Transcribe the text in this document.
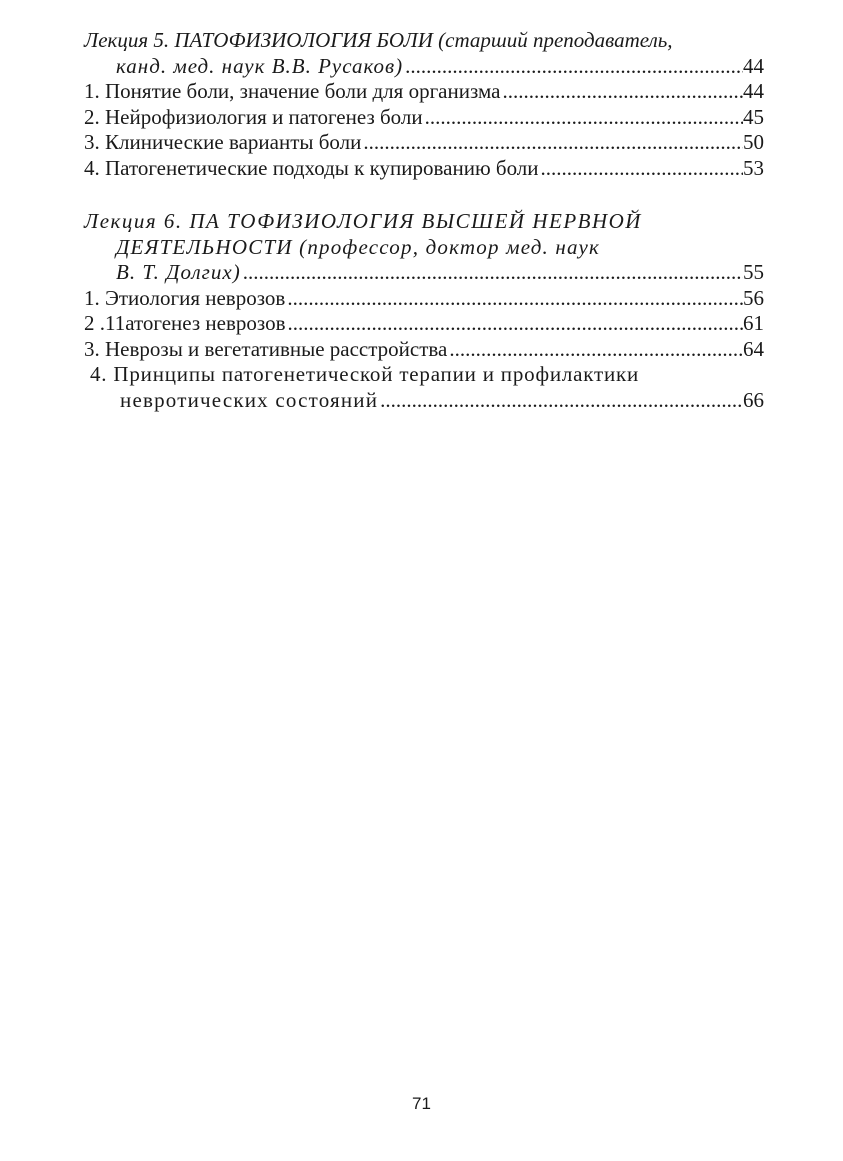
Лекция 5. ПАТОФИЗИОЛОГИЯ БОЛИ (старший преподаватель,
канд. мед. наук В.В. Русаков) .....	44
1. Понятие боли, значение боли для организма .....	44
2. Нейрофизиология и патогенез боли .....	45
3. Клинические варианты боли .....	50
4. Патогенетические подходы к купированию боли .....	53
Лекция 6. ПА ТОФИЗИОЛОГИЯ ВЫСШЕЙ НЕРВНОЙ
ДЕЯТЕЛЬНОСТИ (профессор, доктор мед. наук
В. Т. Долгих) .....	55
1. Этиология неврозов .....	56
2 .11атогенез неврозов .....	61
3. Неврозы и вегетативные расстройства .....	64
4. Принципы патогенетической терапии и профилактики
невротических состояний .....	66
71
